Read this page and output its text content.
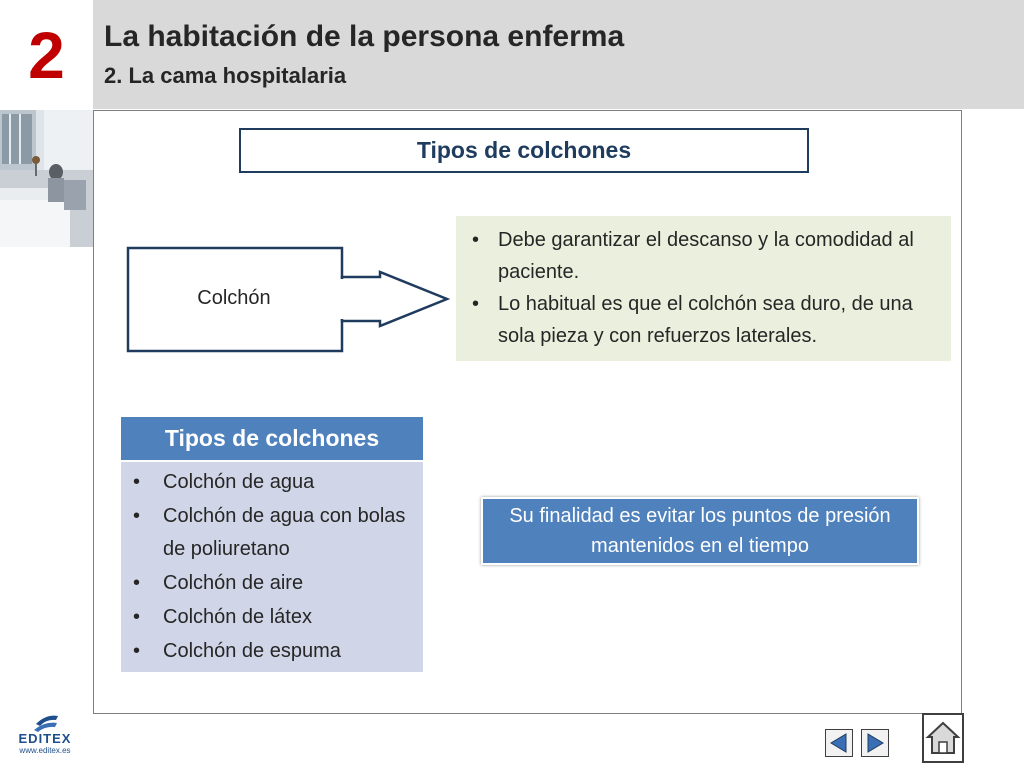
2	La habitación de la persona enferma
2. La cama hospitalaria
Tipos de colchones
Colchón
• Debe garantizar el descanso y la comodidad al paciente.
• Lo habitual es que el colchón sea duro, de una sola pieza y con refuerzos laterales.
Tipos de colchones
• Colchón de agua
• Colchón de agua con bolas de poliuretano
• Colchón de aire
• Colchón de látex
• Colchón de espuma
Su finalidad es evitar los puntos de presión mantenidos en el tiempo
EDITEX
www.editex.es
